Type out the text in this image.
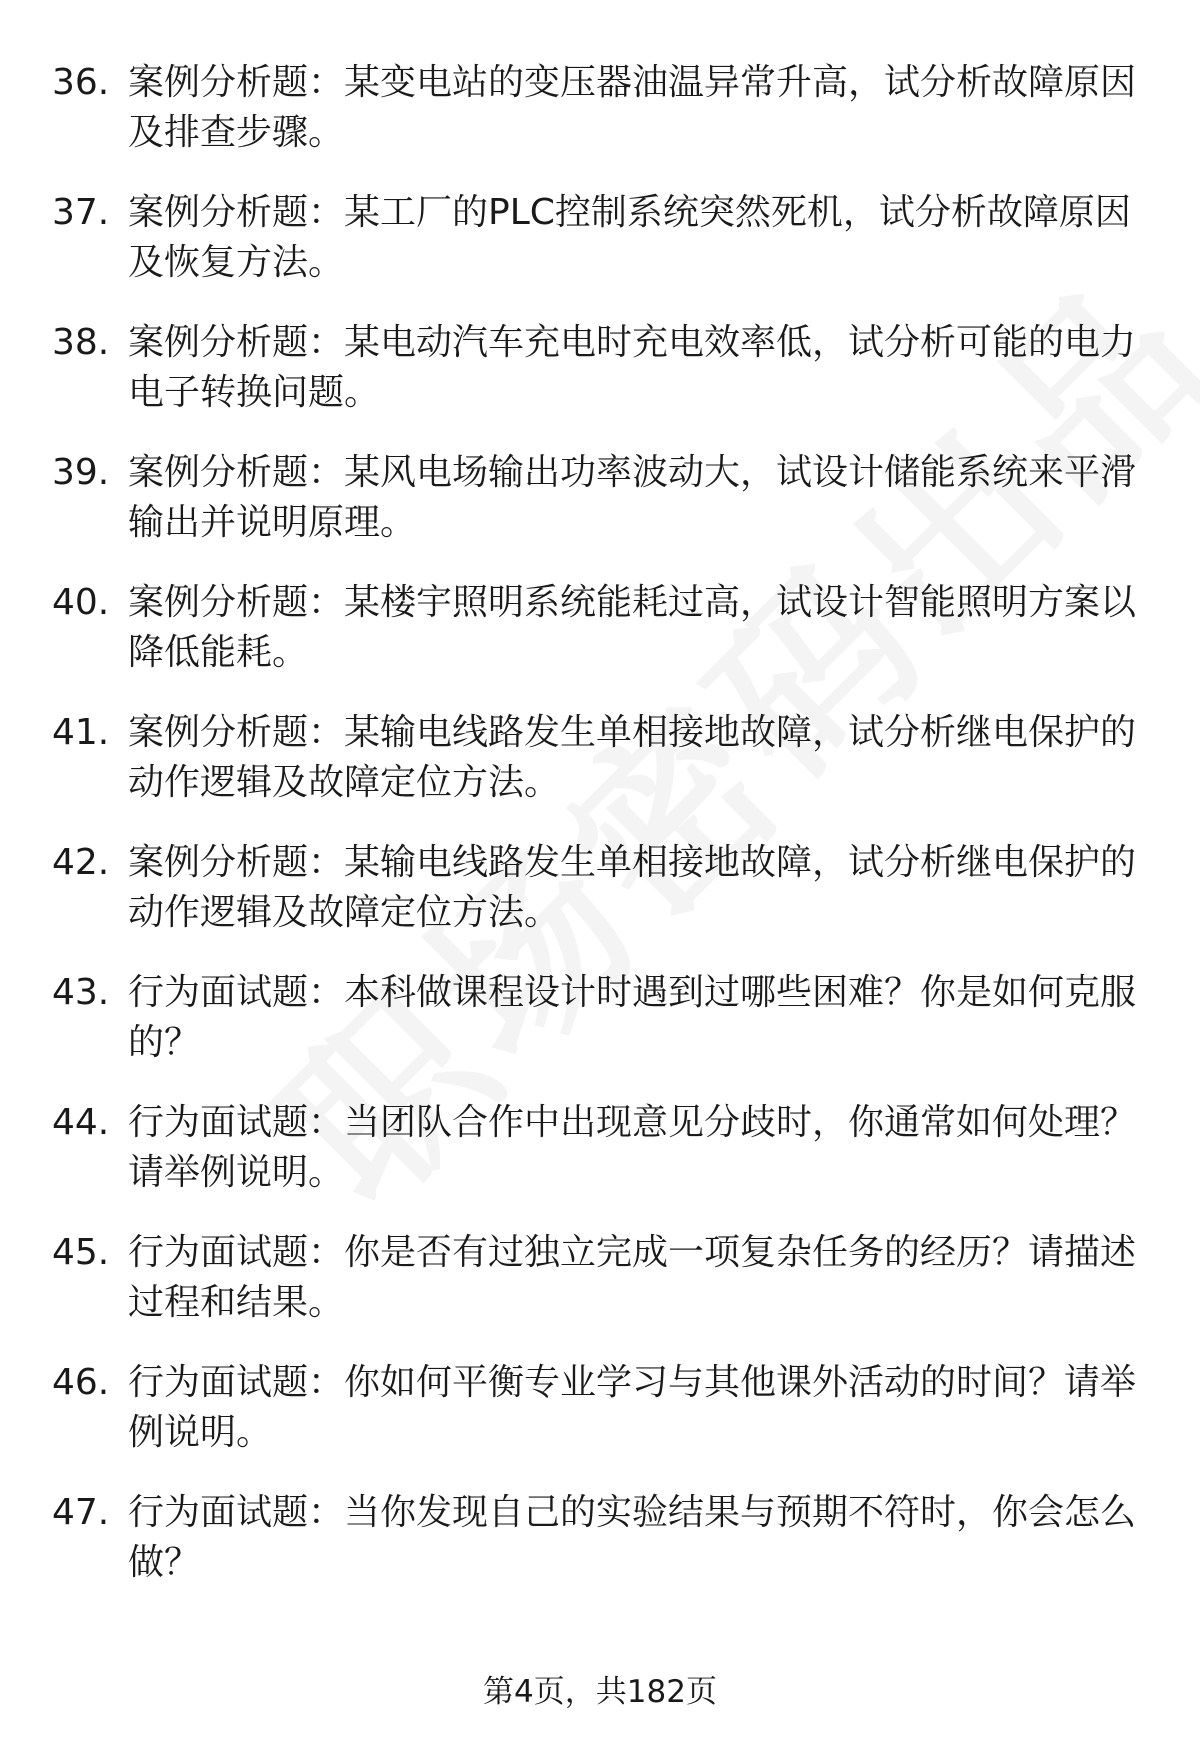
36. 案例分析题：某变电站的变压器油温异常升高，试分析故障原因及排查步骤。
37. 案例分析题：某工厂的PLC控制系统突然死机，试分析故障原因及恢复方法。
38. 案例分析题：某电动汽车充电时充电效率低，试分析可能的电力电子转换问题。
39. 案例分析题：某风电场输出功率波动大，试设计储能系统来平滑输出并说明原理。
40. 案例分析题：某楼宇照明系统能耗过高，试设计智能照明方案以降低能耗。
41. 案例分析题：某输电线路发生单相接地故障，试分析继电保护的动作逻辑及故障定位方法。
42. 案例分析题：某输电线路发生单相接地故障，试分析继电保护的动作逻辑及故障定位方法。
43. 行为面试题：本科做课程设计时遇到过哪些困难？你是如何克服的？
44. 行为面试题：当团队合作中出现意见分歧时，你通常如何处理？请举例说明。
45. 行为面试题：你是否有过独立完成一项复杂任务的经历？请描述过程和结果。
46. 行为面试题：你如何平衡专业学习与其他课外活动的时间？请举例说明。
47. 行为面试题：当你发现自己的实验结果与预期不符时，你会怎么做？
第4页，共182页
